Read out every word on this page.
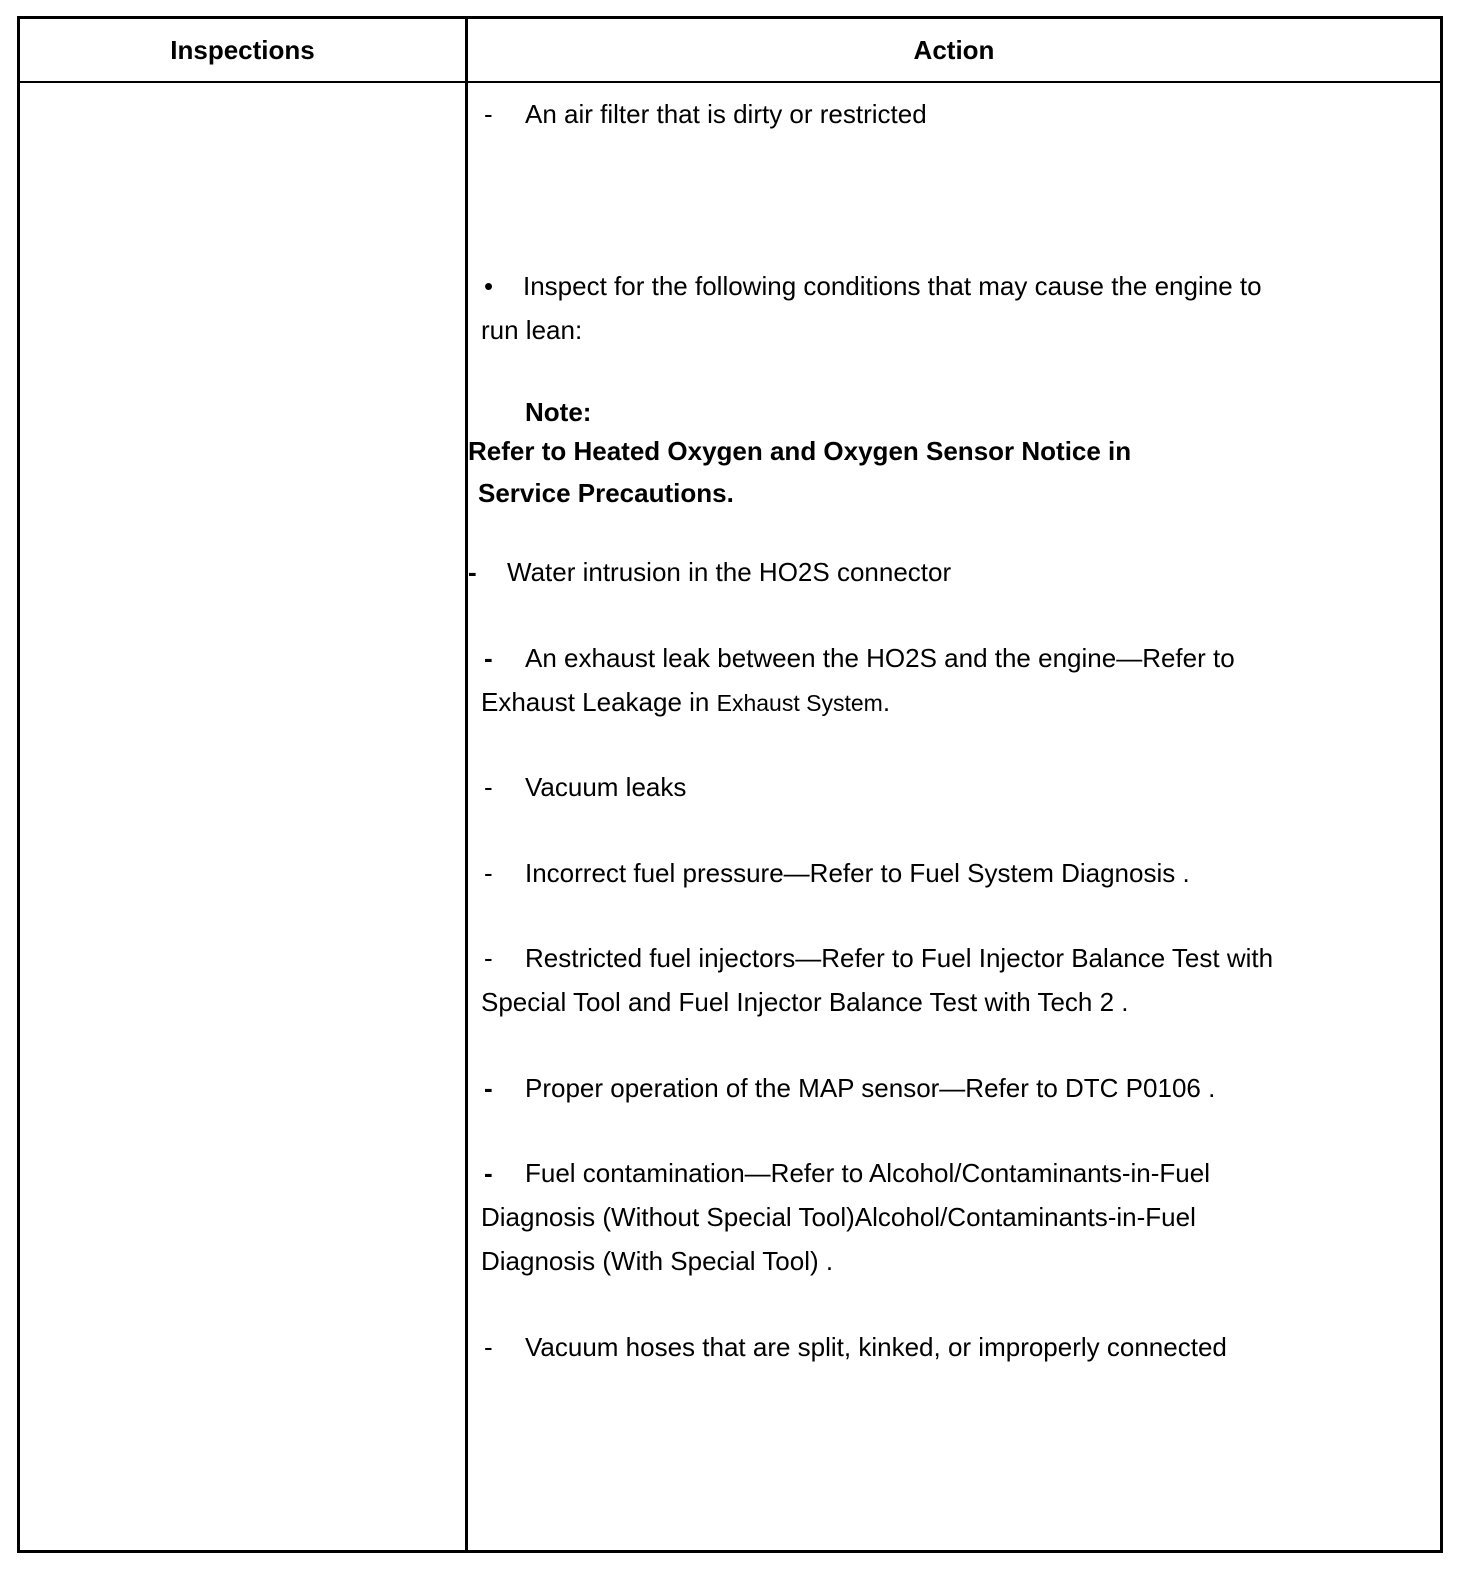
Inspections	Action
- An air filter that is dirty or restricted
• Inspect for the following conditions that may cause the engine to
run lean:
Note:
Refer to Heated Oxygen and Oxygen Sensor Notice in
Service Precautions.
- Water intrusion in the HO2S connector
- An exhaust leak between the HO2S and the engine—Refer to
Exhaust Leakage in Exhaust System.
- Vacuum leaks
- Incorrect fuel pressure—Refer to Fuel System Diagnosis .
- Restricted fuel injectors—Refer to Fuel Injector Balance Test with
Special Tool and Fuel Injector Balance Test with Tech 2 .
- Proper operation of the MAP sensor—Refer to DTC P0106 .
- Fuel contamination—Refer to Alcohol/Contaminants-in-Fuel
Diagnosis (Without Special Tool)Alcohol/Contaminants-in-Fuel
Diagnosis (With Special Tool) .
- Vacuum hoses that are split, kinked, or improperly connected
